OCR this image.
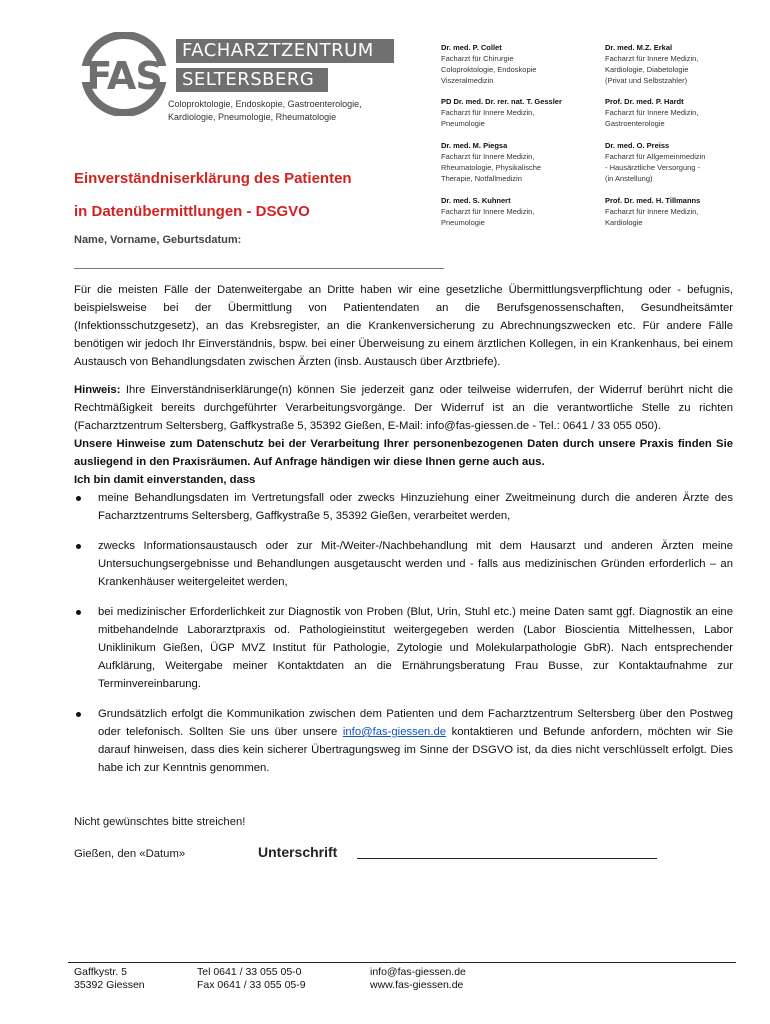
FAS
FACHARZTZENTRUM
SELTERSBERG
Coloproktologie, Endoskopie, Gastroenterologie,
Kardiologie, Pneumologie, Rheumatologie
Dr. med. P. Collet
Facharzt für Chirurgie
Coloproktologie, Endoskopie
Viszeralmedizin
Dr. med. M.Z. Erkal
Facharzt für Innere Medizin,
Kardiologie, Diabetologie
(Privat und Selbstzahler)
PD Dr. med. Dr. rer. nat. T. Gessler
Facharzt für Innere Medizin,
Pneumologie
Prof. Dr. med. P. Hardt
Facharzt für Innere Medizin,
Gastroenterologie
Dr. med. M. Piegsa
Facharzt für Innere Medizin,
Rheumatologie, Physikalische
Therapie, Notfallmedizin
Dr. med. O. Preiss
Facharzt für Allgemeinmedizin
- Hausärztliche Versorgung -
(in Anstellung)
Dr. med. S. Kuhnert
Facharzt für Innere Medizin,
Pneumologie
Prof. Dr. med. H. Tillmanns
Facharzt für Innere Medizin,
Kardiologie
Einverständniserklärung des Patienten
in Datenübermittlungen - DSGVO
Name, Vorname, Geburtsdatum:

Für die meisten Fälle der Datenweitergabe an Dritte haben wir eine gesetzliche Übermittlungsverpflichtung oder - befugnis, beispielsweise bei der Übermittlung von Patientendaten an die Berufsgenossenschaften, Gesundheitsämter (Infektionsschutzgesetz), an das Krebsregister, an die Krankenversicherung zu Abrechnungszwecken etc. Für andere Fälle benötigen wir jedoch Ihr Einverständnis, bspw. bei einer Überweisung zu einem ärztlichen Kollegen, in ein Krankenhaus, bei einem Austausch von Behandlungsdaten zwischen Ärzten (insb. Austausch über Arztbriefe).

Hinweis: Ihre Einverständniserklärunge(n) können Sie jederzeit ganz oder teilweise widerrufen, der Widerruf berührt nicht die Rechtmäßigkeit bereits durchgeführter Verarbeitungsvorgänge. Der Widerruf ist an die verantwortliche Stelle zu richten (Facharztzentrum Seltersberg, Gaffkystraße 5, 35392 Gießen, E-Mail: info@fas-giessen.de - Tel.: 0641 / 33 055 050).

Unsere Hinweise zum Datenschutz bei der Verarbeitung Ihrer personenbezogenen Daten durch unsere Praxis finden Sie ausliegend in den Praxisräumen. Auf Anfrage händigen wir diese Ihnen gerne auch aus.

Ich bin damit einverstanden, dass

meine Behandlungsdaten im Vertretungsfall oder zwecks Hinzuziehung einer Zweitmeinung durch die anderen Ärzte des Facharztzentrums Seltersberg, Gaffkystraße 5, 35392 Gießen, verarbeitet werden,
zwecks Informationsaustausch oder zur Mit-/Weiter-/Nachbehandlung mit dem Hausarzt und anderen Ärzten meine Untersuchungsergebnisse und Behandlungen ausgetauscht werden und - falls aus medizinischen Gründen erforderlich – an Krankenhäuser weitergeleitet werden,
bei medizinischer Erforderlichkeit zur Diagnostik von Proben (Blut, Urin, Stuhl etc.) meine Daten samt ggf. Diagnostik an eine mitbehandelnde Laborarztpraxis od. Pathologieinstitut weitergegeben werden (Labor Bioscientia Mittelhessen, Labor Uniklinikum Gießen, ÜGP MVZ Institut für Pathologie, Zytologie und Molekularpathologie GbR). Nach entsprechender Aufklärung, Weitergabe meiner Kontaktdaten an die Ernährungsberatung Frau Busse, zur Kontaktaufnahme zur Terminvereinbarung.
Grundsätzlich erfolgt die Kommunikation zwischen dem Patienten und dem Facharztzentrum Seltersberg über den Postweg oder telefonisch. Sollten Sie uns über unsere info@fas-giessen.de kontaktieren und Befunde anfordern, möchten wir Sie darauf hinweisen, dass dies kein sicherer Übertragungsweg im Sinne der DSGVO ist, da dies nicht verschlüsselt erfolgt. Dies habe ich zur Kenntnis genommen.
Nicht gewünschtes bitte streichen!
Gießen, den «Datum»	Unterschrift
Gaffkystr. 5
35392 Giessen
Tel 0641 / 33 055 05-0
Fax 0641 / 33 055 05-9
info@fas-giessen.de
www.fas-giessen.de
